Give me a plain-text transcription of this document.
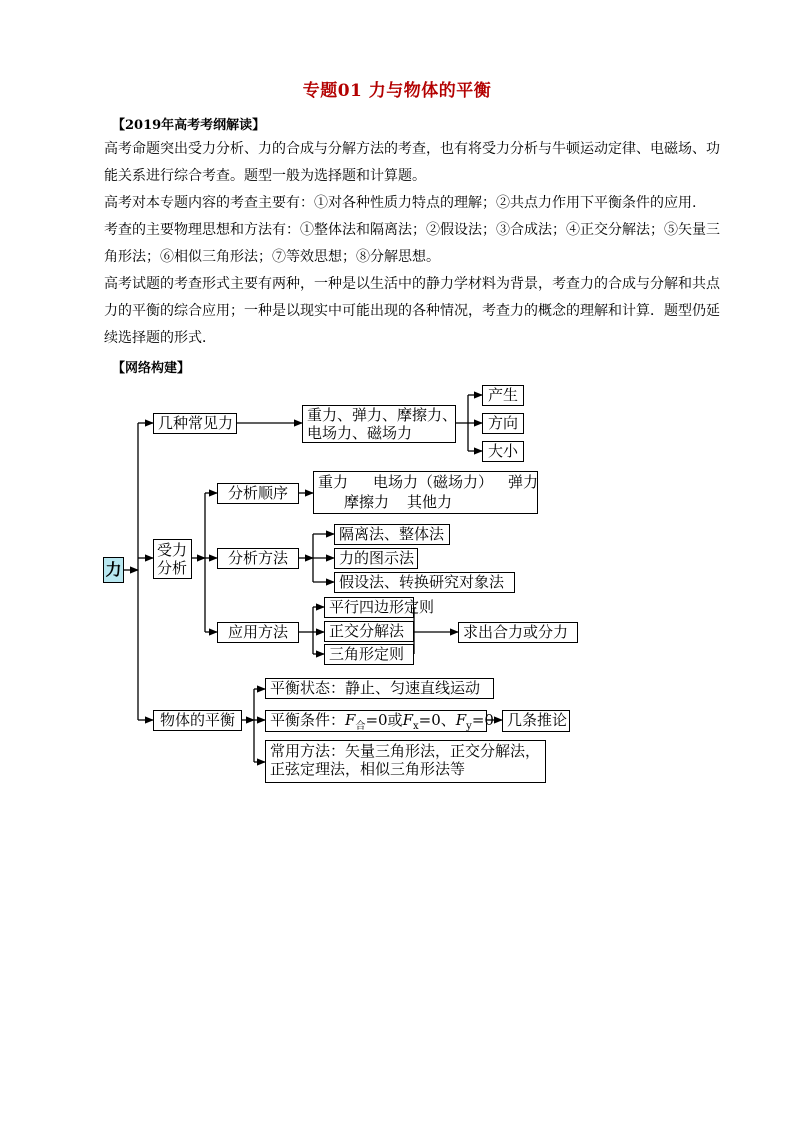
专题01 力与物体的平衡
【2019年高考考纲解读】
高考命题突出受力分析、力的合成与分解方法的考查，也有将受力分析与牛顿运动定律、电磁场、功能关系进行综合考查。题型一般为选择题和计算题。
高考对本专题内容的考查主要有：①对各种性质力特点的理解；②共点力作用下平衡条件的应用.
考查的主要物理思想和方法有：①整体法和隔离法；②假设法；③合成法；④正交分解法；⑤矢量三角形法；⑥相似三角形法；⑦等效思想；⑧分解思想。
高考试题的考查形式主要有两种，一种是以生活中的静力学材料为背景，考查力的合成与分解和共点力的平衡的综合应用；一种是以现实中可能出现的各种情况，考查力的概念的理解和计算．题型仍延续选择题的形式．
【网络构建】
力
几种常见力	重力、弹力、摩擦力、
电场力、磁场力
产生
方向
大小
受力
分析
分析顺序
重力 电场力（磁场力） 弹力
摩擦力 其他力
分析方法
隔离法、整体法
力的图示法
假设法、转换研究对象法
应用方法
平行四边形定则
正交分解法
三角形定则
求出合力或分力
物体的平衡
平衡状态：静止、匀速直线运动
平衡条件：$F_合=0$或$F_x=0$、$F_y=0$ 几条推论
常用方法：矢量三角形法，正交分解法，
正弦定理法，相似三角形法等
